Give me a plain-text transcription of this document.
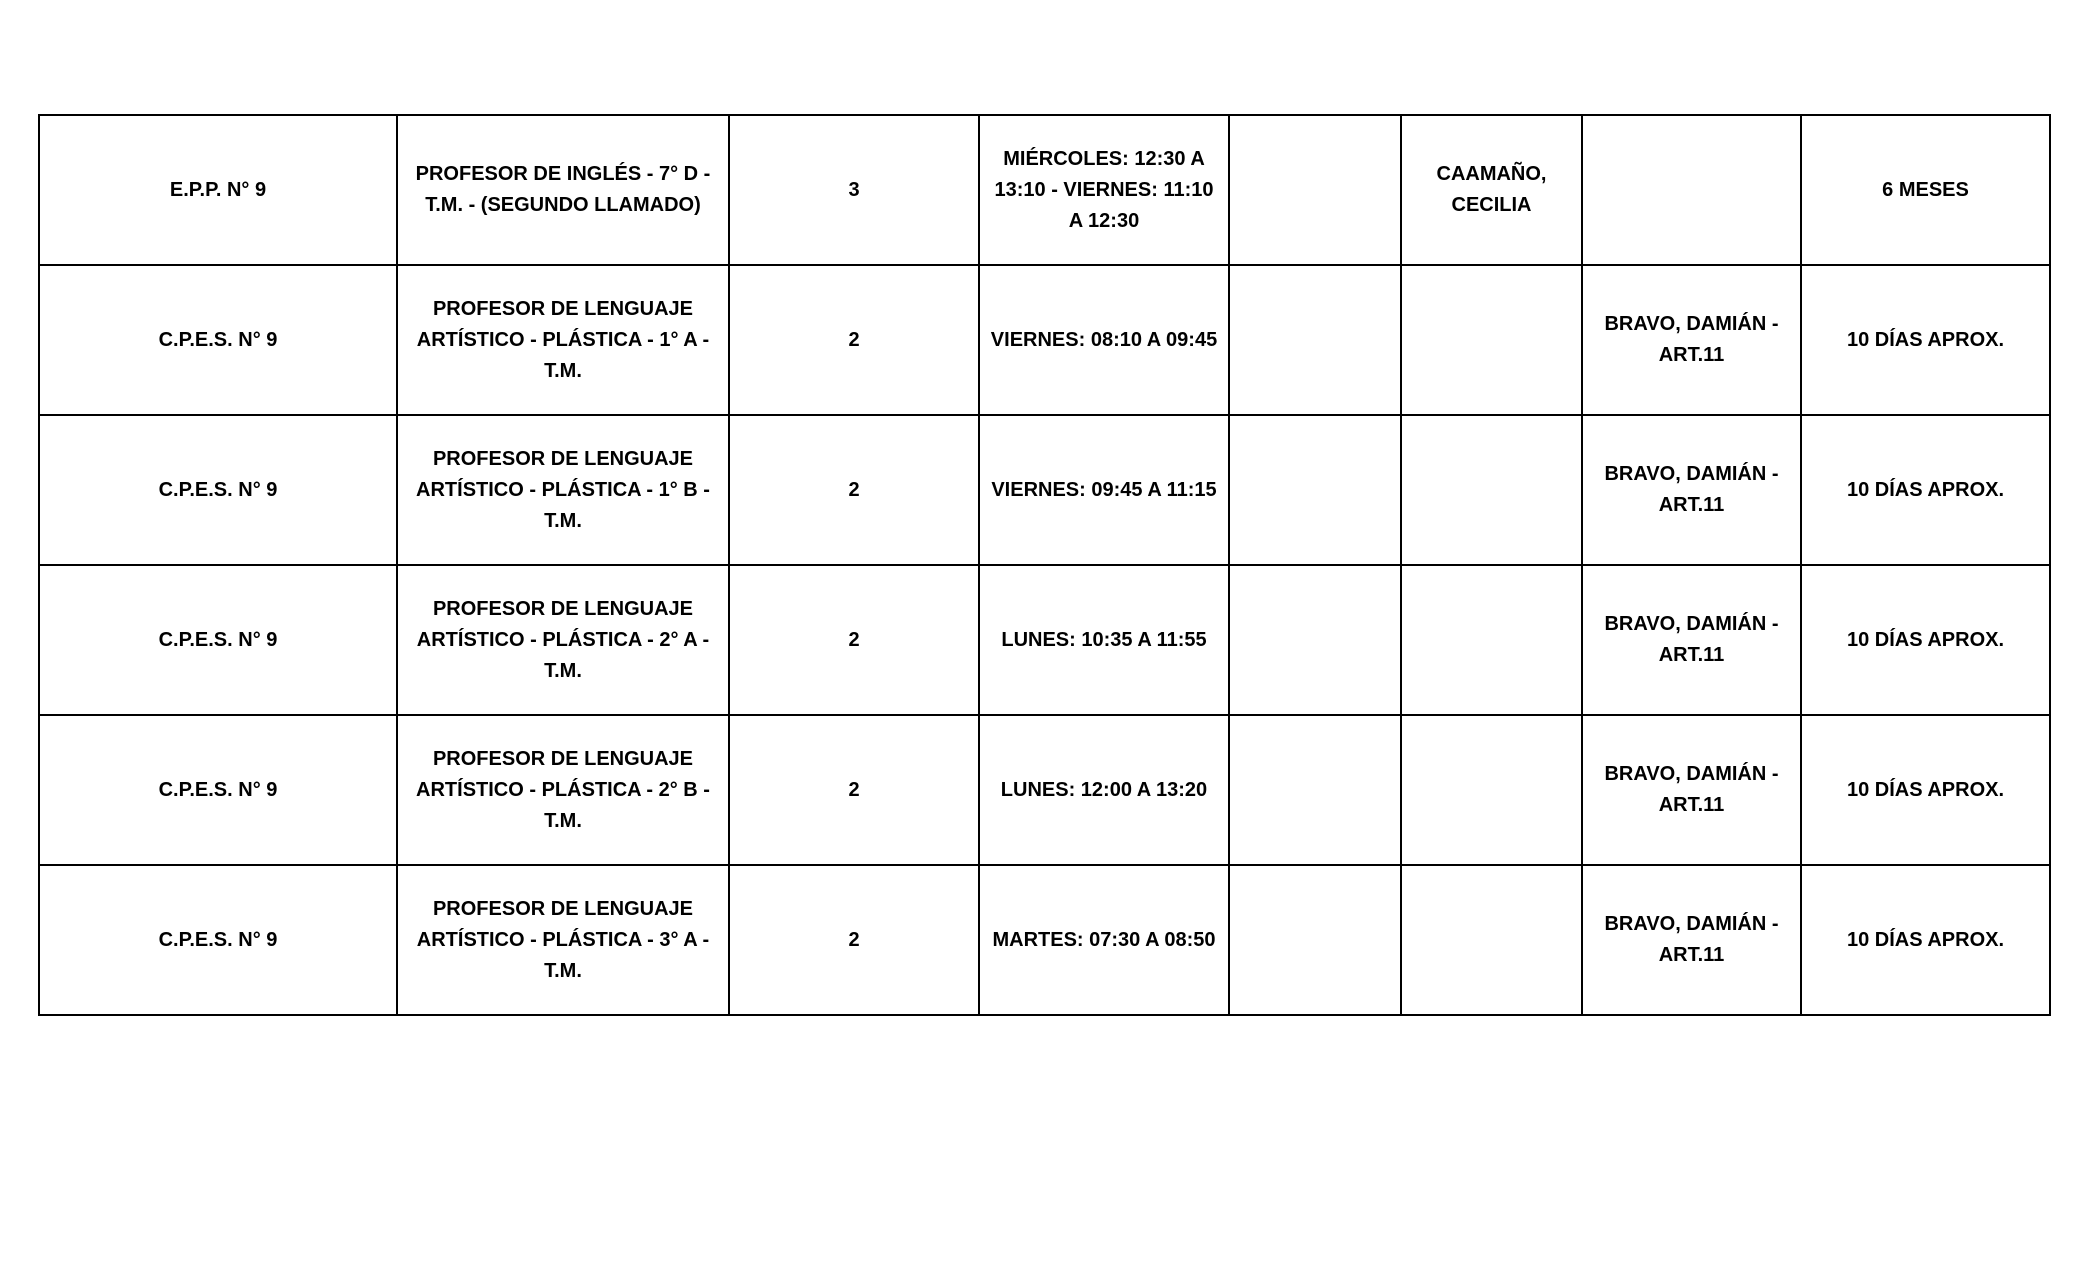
E.P.P. N° 9	PROFESOR DE INGLÉS - 7° D - T.M. - (SEGUNDO LLAMADO)	3	MIÉRCOLES: 12:30 A 13:10 - VIERNES: 11:10 A 12:30		CAAMAÑO, CECILIA		6 MESES
C.P.E.S. N° 9	PROFESOR DE LENGUAJE ARTÍSTICO - PLÁSTICA - 1° A - T.M.	2	VIERNES: 08:10 A 09:45			BRAVO, DAMIÁN - ART.11	10 DÍAS APROX.
C.P.E.S. N° 9	PROFESOR DE LENGUAJE ARTÍSTICO - PLÁSTICA - 1° B - T.M.	2	VIERNES: 09:45 A 11:15			BRAVO, DAMIÁN - ART.11	10 DÍAS APROX.
C.P.E.S. N° 9	PROFESOR DE LENGUAJE ARTÍSTICO - PLÁSTICA - 2° A - T.M.	2	LUNES: 10:35 A 11:55			BRAVO, DAMIÁN - ART.11	10 DÍAS APROX.
C.P.E.S. N° 9	PROFESOR DE LENGUAJE ARTÍSTICO - PLÁSTICA - 2° B - T.M.	2	LUNES: 12:00 A 13:20			BRAVO, DAMIÁN - ART.11	10 DÍAS APROX.
C.P.E.S. N° 9	PROFESOR DE LENGUAJE ARTÍSTICO - PLÁSTICA - 3° A - T.M.	2	MARTES: 07:30 A 08:50			BRAVO, DAMIÁN - ART.11	10 DÍAS APROX.
